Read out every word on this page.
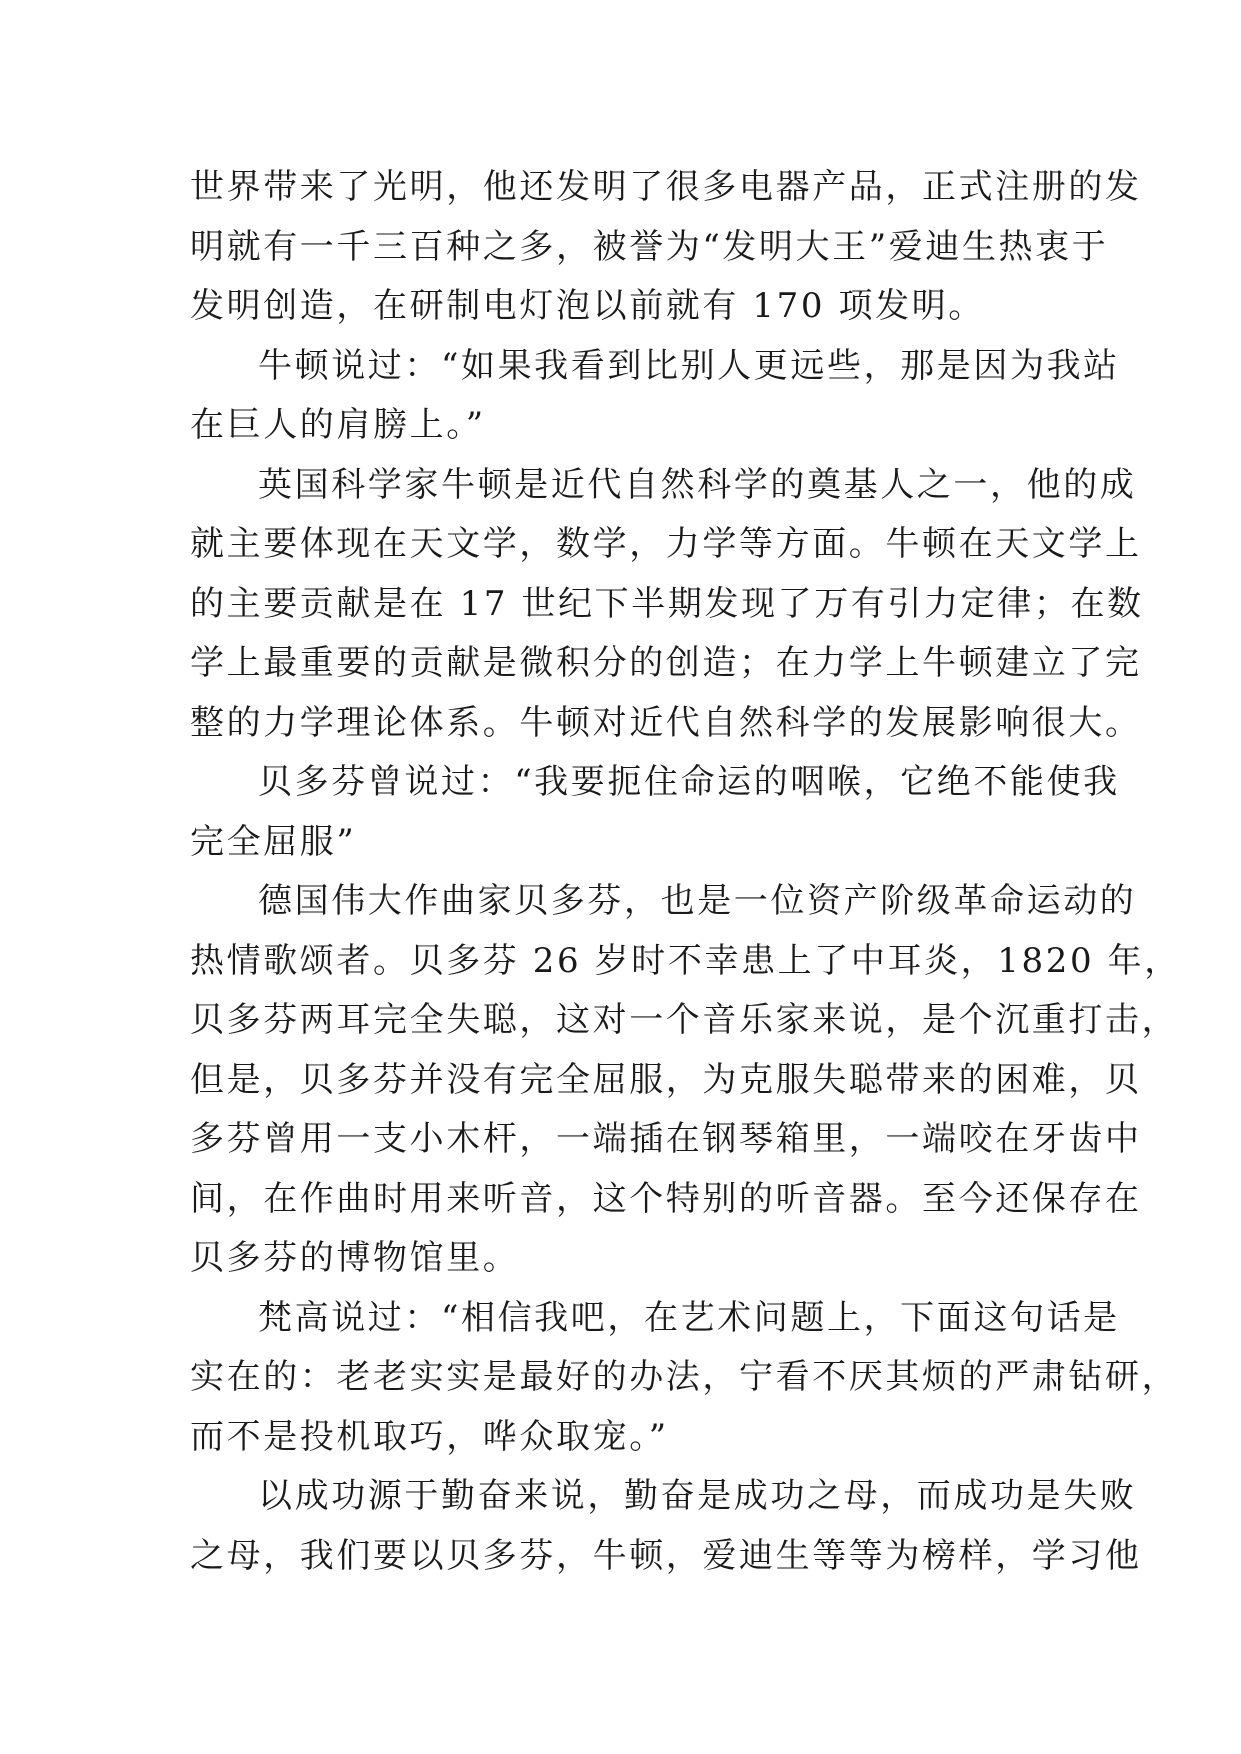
世界带来了光明，他还发明了很多电器产品，正式注册的发
明就有一千三百种之多，被誉为“发明大王”爱迪生热衷于
发明创造，在研制电灯泡以前就有 170 项发明。
牛顿说过：“如果我看到比别人更远些，那是因为我站
在巨人的肩膀上。”
英国科学家牛顿是近代自然科学的奠基人之一，他的成
就主要体现在天文学，数学，力学等方面。牛顿在天文学上
的主要贡献是在 17 世纪下半期发现了万有引力定律；在数
学上最重要的贡献是微积分的创造；在力学上牛顿建立了完
整的力学理论体系。牛顿对近代自然科学的发展影响很大。
贝多芬曾说过：“我要扼住命运的咽喉，它绝不能使我
完全屈服”
德国伟大作曲家贝多芬，也是一位资产阶级革命运动的
热情歌颂者。贝多芬 26 岁时不幸患上了中耳炎，1820 年，
贝多芬两耳完全失聪，这对一个音乐家来说，是个沉重打击，
但是，贝多芬并没有完全屈服，为克服失聪带来的困难，贝
多芬曾用一支小木杆，一端插在钢琴箱里，一端咬在牙齿中
间，在作曲时用来听音，这个特别的听音器。至今还保存在
贝多芬的博物馆里。
梵高说过：“相信我吧，在艺术问题上，下面这句话是
实在的：老老实实是最好的办法，宁看不厌其烦的严肃钻研，
而不是投机取巧，哗众取宠。”
以成功源于勤奋来说，勤奋是成功之母，而成功是失败
之母，我们要以贝多芬，牛顿，爱迪生等等为榜样，学习他
